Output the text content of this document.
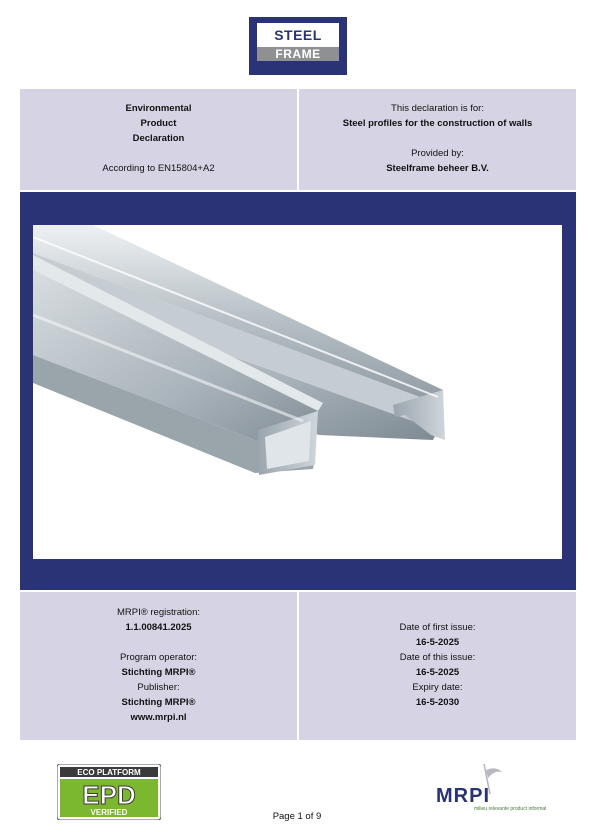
STEEL
FRAME
Environmental
Product
Declaration
According to EN15804+A2
This declaration is for:
Steel profiles for the construction of walls
Provided by:
Steelframe beheer B.V.
MRPI® registration:
1.1.00841.2025
Program operator:
Stichting MRPI®
Publisher:
Stichting MRPI®
www.mrpi.nl
Date of first issue:
16-5-2025
Date of this issue:
16-5-2025
Expiry date:
16-5-2030
ECO PLATFORM
EPD
VERIFIED	Page 1 of 9
MRPI
milieu relevante product informatie
